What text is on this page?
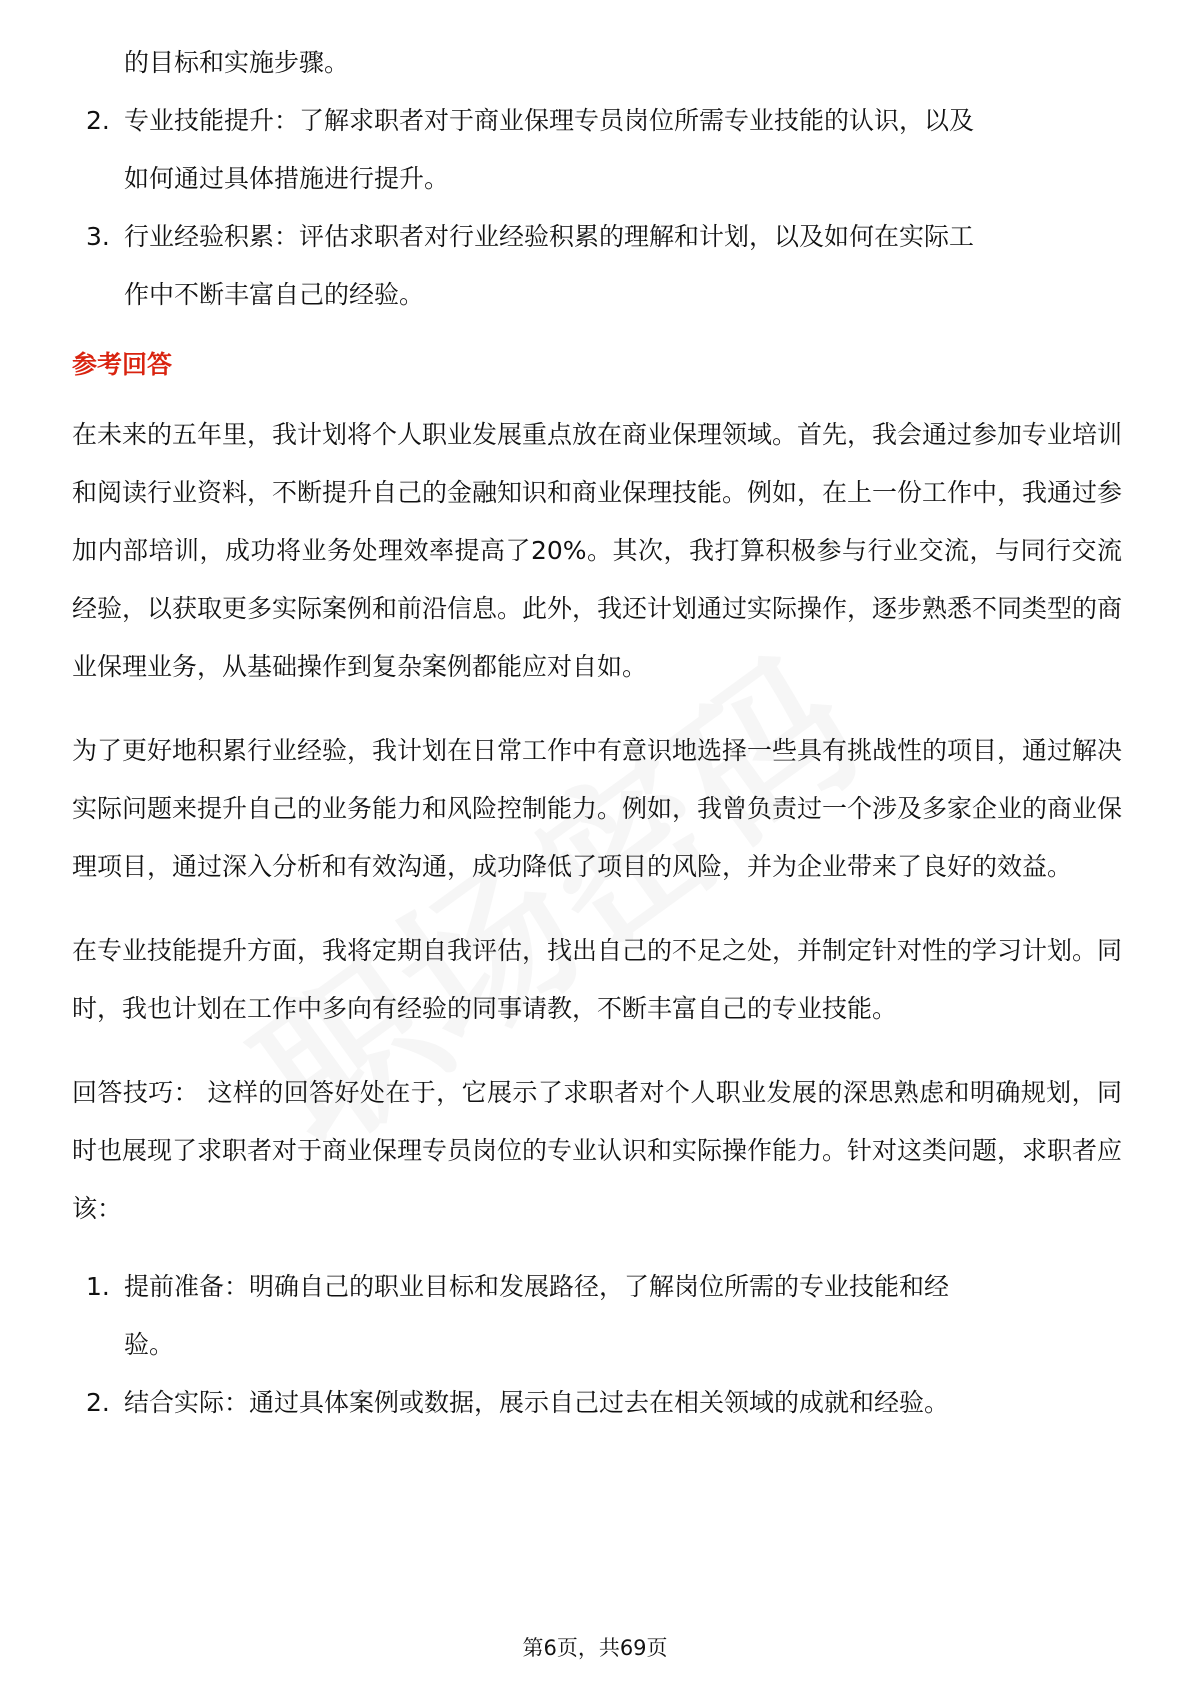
的目标和实施步骤。
2. 专业技能提升：了解求职者对于商业保理专员岗位所需专业技能的认识，以及
如何通过具体措施进行提升。
3. 行业经验积累：评估求职者对行业经验积累的理解和计划，以及如何在实际工
作中不断丰富自己的经验。
参考回答

在未来的五年里，我计划将个人职业发展重点放在商业保理领域。首先，我会通过参加专业培训和阅读行业资料，不断提升自己的金融知识和商业保理技能。例如，在上一份工作中，我通过参加内部培训，成功将业务处理效率提高了20%。其次，我打算积极参与行业交流，与同行交流经验，以获取更多实际案例和前沿信息。此外，我还计划通过实际操作，逐步熟悉不同类型的商业保理业务，从基础操作到复杂案例都能应对自如。

为了更好地积累行业经验，我计划在日常工作中有意识地选择一些具有挑战性的项目，通过解决实际问题来提升自己的业务能力和风险控制能力。例如，我曾负责过一个涉及多家企业的商业保理项目，通过深入分析和有效沟通，成功降低了项目的风险，并为企业带来了良好的效益。

在专业技能提升方面，我将定期自我评估，找出自己的不足之处，并制定针对性的学习计划。同时，我也计划在工作中多向有经验的同事请教，不断丰富自己的专业技能。

回答技巧： 这样的回答好处在于，它展示了求职者对个人职业发展的深思熟虑和明确规划，同时也展现了求职者对于商业保理专员岗位的专业认识和实际操作能力。针对这类问题，求职者应该：

1. 提前准备：明确自己的职业目标和发展路径，了解岗位所需的专业技能和经
验。
2. 结合实际：通过具体案例或数据，展示自己过去在相关领域的成就和经验。
第6页，共69页
